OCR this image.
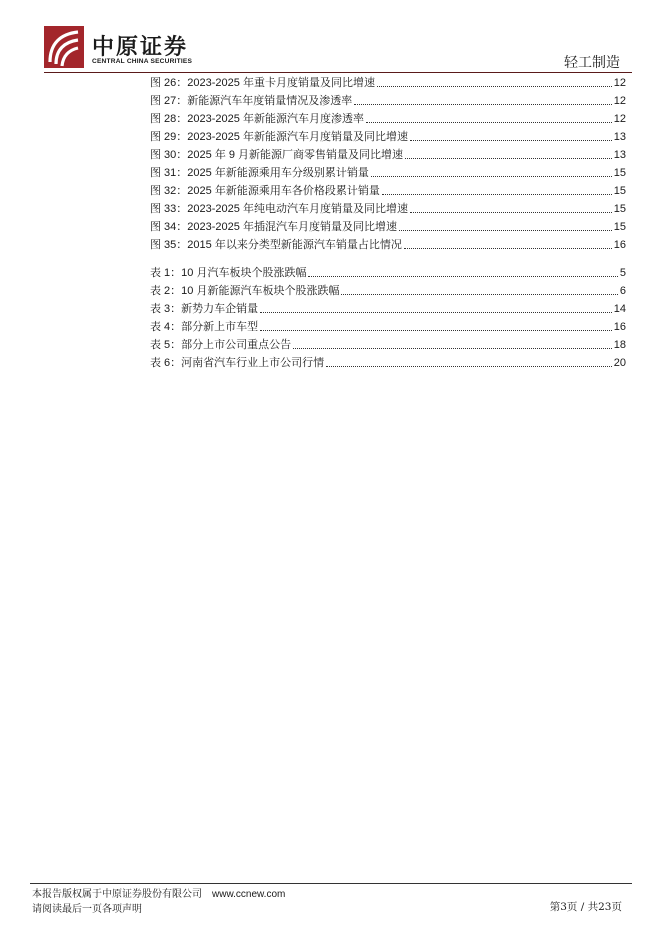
中原证券
CENTRAL CHINA SECURITIES	轻工制造
图 26：2023-2025 年重卡月度销量及同比增速	12
图 27：新能源汽车年度销量情况及渗透率	12
图 28：2023-2025 年新能源汽车月度渗透率	12
图 29：2023-2025 年新能源汽车月度销量及同比增速	13
图 30：2025 年 9 月新能源厂商零售销量及同比增速	13
图 31：2025 年新能源乘用车分级别累计销量	15
图 32：2025 年新能源乘用车各价格段累计销量	15
图 33：2023-2025 年纯电动汽车月度销量及同比增速	15
图 34：2023-2025 年插混汽车月度销量及同比增速	15
图 35：2015 年以来分类型新能源汽车销量占比情况	16
表 1：10 月汽车板块个股涨跌幅	5
表 2：10 月新能源汽车板块个股涨跌幅	6
表 3：新势力车企销量	14
表 4：部分新上市车型	16
表 5：部分上市公司重点公告	18
表 6：河南省汽车行业上市公司行情	20
本报告版权属于中原证券股份有限公司 www.ccnew.com
请阅读最后一页各项声明	第3页 / 共23页
